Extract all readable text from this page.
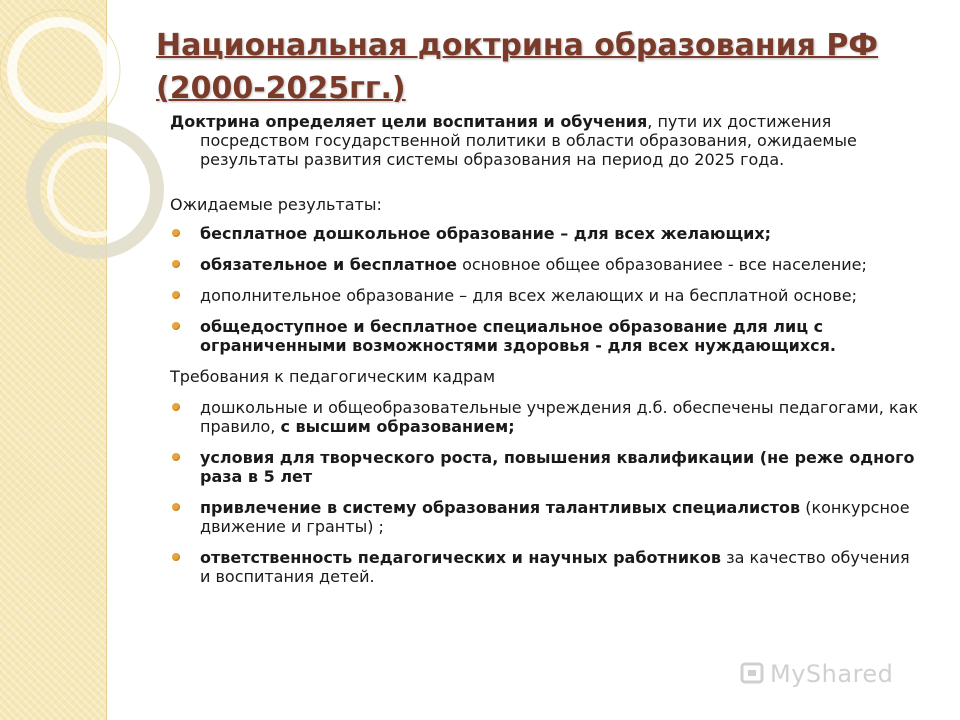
Национальная доктрина образования РФ (2000-2025гг.)

Доктрина определяет цели воспитания и обучения, пути их достижения посредством государственной политики в области образования, ожидаемые результаты развития системы образования на период до 2025 года.

Ожидаемые результаты:

бесплатное дошкольное образование – для всех желающих;
обязательное и бесплатное основное общее образованиее - все население;
дополнительное образование – для всех желающих и на бесплатной основе;
общедоступное и бесплатное специальное образование для лиц с ограниченными возможностями здоровья - для всех нуждающихся.

Требования к педагогическим кадрам

дошкольные и общеобразовательные учреждения д.б. обеспечены педагогами, как правило, с высшим образованием;
условия для творческого роста, повышения квалификации (не реже одного раза в 5 лет
привлечение в систему образования талантливых специалистов (конкурсное движение и гранты) ;
ответственность педагогических и научных работников за качество обучения и воспитания детей.
MyShared
